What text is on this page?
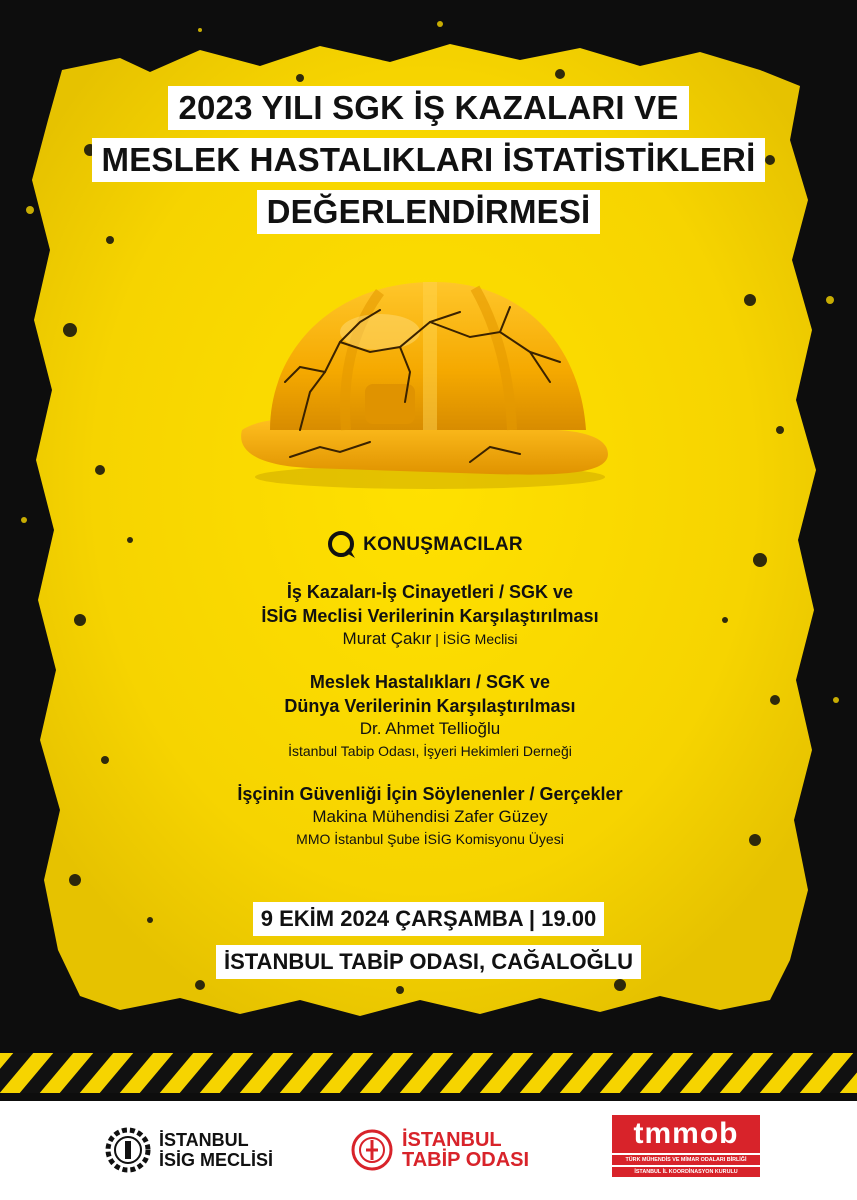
2023 YILI SGK İŞ KAZALARI VE
MESLEK HASTALIKLARI İSTATİSTİKLERİ
DEĞERLENDİRMESİ
KONUŞMACILAR
İş Kazaları-İş Cinayetleri / SGK ve
İSİG Meclisi Verilerinin Karşılaştırılması
Murat Çakır | İSİG Meclisi
Meslek Hastalıkları / SGK ve
Dünya Verilerinin Karşılaştırılması
Dr. Ahmet Tellioğlu
İstanbul Tabip Odası, İşyeri Hekimleri Derneği
İşçinin Güvenliği İçin Söylenenler / Gerçekler
Makina Mühendisi Zafer Güzey
MMO İstanbul Şube İSİG Komisyonu Üyesi
9 EKİM 2024 ÇARŞAMBA | 19.00
İSTANBUL TABİP ODASI, CAĞALOĞLU
İSTANBUL
İSİG MECLİSİ
İSTANBUL
TABİP ODASI
tmmob
TÜRK MÜHENDİS VE MİMAR ODALARI BİRLİĞİ
İSTANBUL İL KOORDİNASYON KURULU
